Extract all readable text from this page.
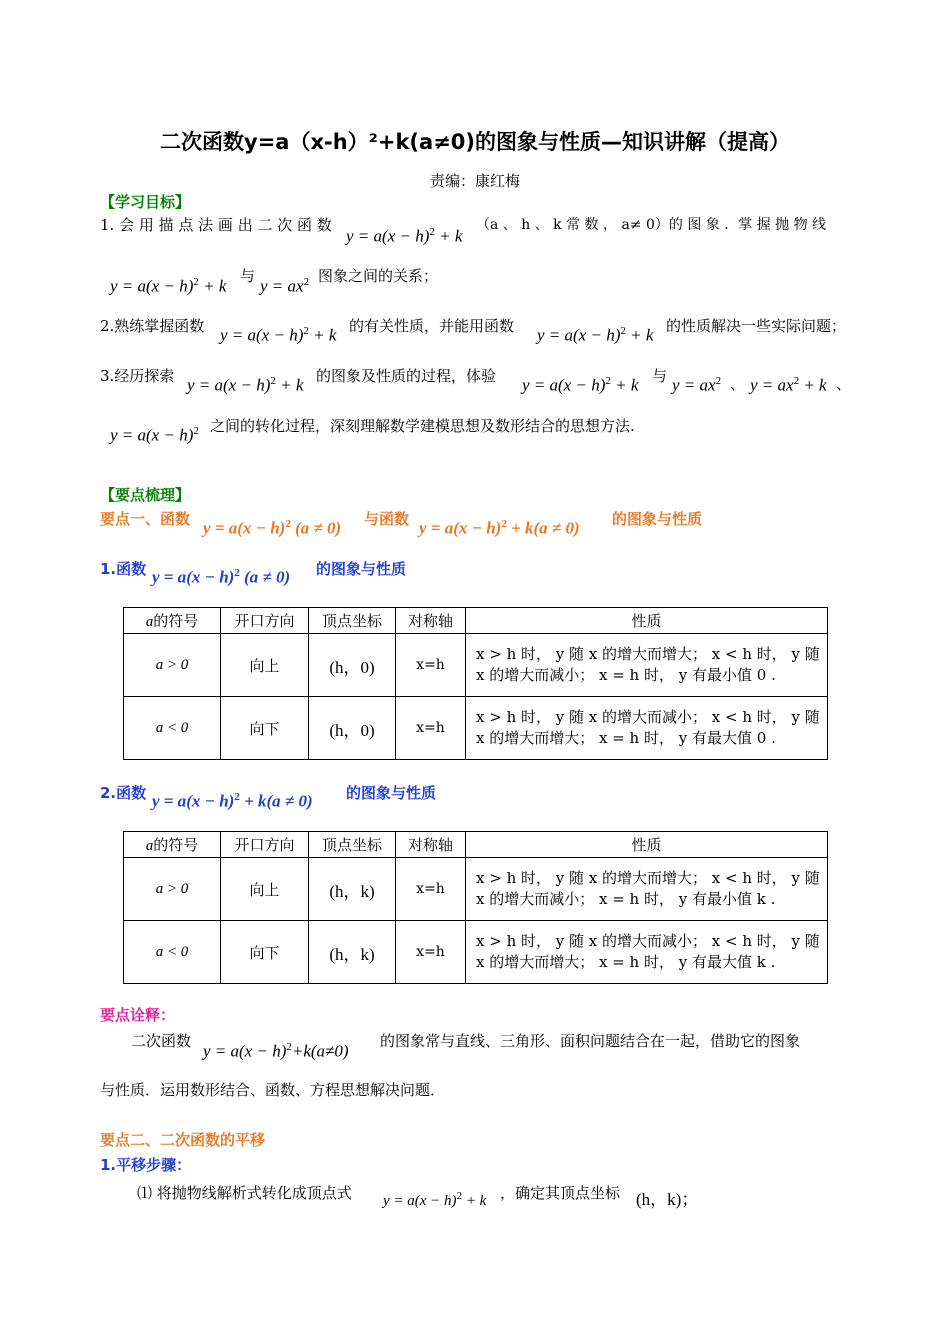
二次函数y=a（x-h）²+k(a≠0)的图象与性质—知识讲解（提高）
责编：康红梅
【学习目标】
1. 会 用 描 点 法 画 出 二 次 函 数
$y = a(x - h)^2 + k$
（a 、 h 、 k 常 数 ， a≠ 0）的 图 象 ．掌 握 抛 物 线
$y = a(x - h)^2 + k$
与
$y = ax^2$ 图象之间的关系；
2.熟练掌握函数 $y = a(x - h)^2 + k$ 的有关性质，并能用函数 $y = a(x - h)^2 + k$ 的性质解决一些实际问题；
3.经历探索 $y = a(x - h)^2 + k$ 的图象及性质的过程，体验 $y = a(x - h)^2 + k$ 与 $y = ax^2$ 、 $y = ax^2 + k$ 、
$y = a(x - h)^2$ 之间的转化过程，深刻理解数学建模思想及数形结合的思想方法.
【要点梳理】
要点一、函数 $y = a(x - h)^2$ (a ≠ 0) 与函数 $y = a(x - h)^2 + k(a \ne 0)$ 的图象与性质
1.函数 $y = a(x - h)^2$ (a ≠ 0) 的图象与性质
a的符号	开口方向	顶点坐标	对称轴	性质
a > 0	向上	(h，0)	x=h	x > h 时， y 随 x 的增大而增大； x < h 时， y 随
x 的增大而减小； x = h 时， y 有最小值 0 .

a < 0	向下	(h，0)	x=h	x > h 时， y 随 x 的增大而减小； x < h 时， y 随
x 的增大而增大； x = h 时， y 有最大值 0 .
2.函数 $y = a(x - h)^2 + k(a \ne 0)$ 的图象与性质
a的符号	开口方向	顶点坐标	对称轴	性质
a > 0	向上	(h，k)	x=h	x > h 时， y 随 x 的增大而增大； x < h 时， y 随
x 的增大而减小； x = h 时， y 有最小值 k .

a < 0	向下	(h，k)	x=h	x > h 时， y 随 x 的增大而减小； x < h 时， y 随
x 的增大而增大； x = h 时， y 有最大值 k .
要点诠释：
二次函数
$y = a(x - h)^2+k(a\ne 0)$
的图象常与直线、三角形、面积问题结合在一起，借助它的图象
与性质．运用数形结合、函数、方程思想解决问题．
要点二、二次函数的平移
1.平移步骤：
⑴ 将抛物线解析式转化成顶点式 $y = a(x - h)^2 + k$ ，确定其顶点坐标 (h，k)；
